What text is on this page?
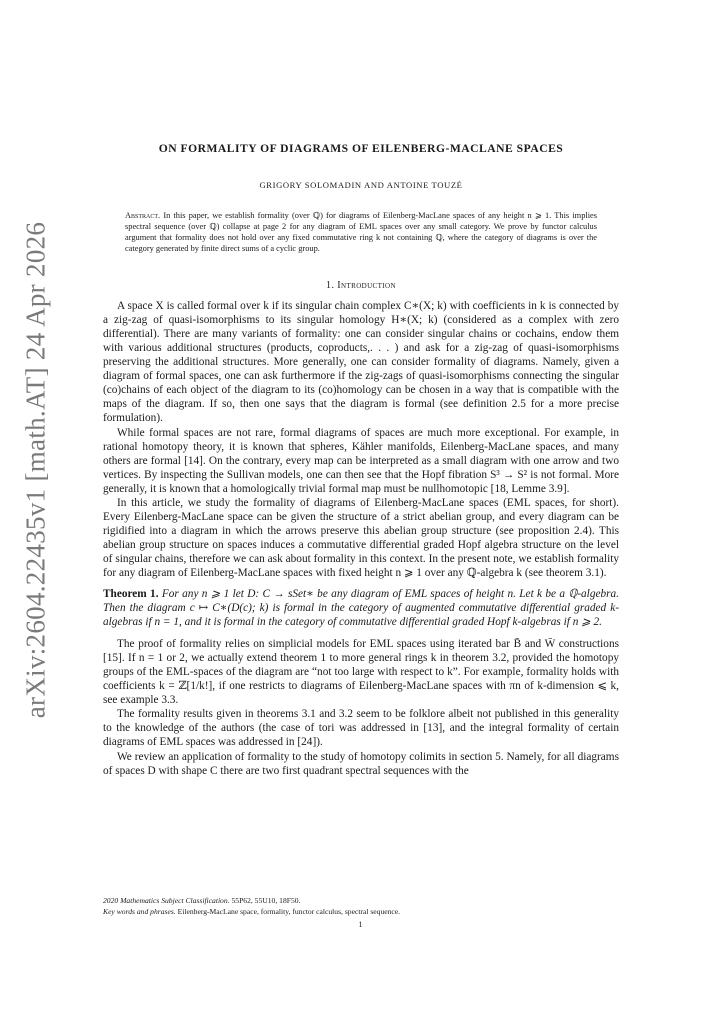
arXiv:2604.22435v1 [math.AT] 24 Apr 2026
ON FORMALITY OF DIAGRAMS OF EILENBERG-MACLANE SPACES
GRIGORY SOLOMADIN AND ANTOINE TOUZÉ
Abstract. In this paper, we establish formality (over ℚ) for diagrams of Eilenberg-MacLane spaces of any height n ⩾ 1. This implies spectral sequence (over ℚ) collapse at page 2 for any diagram of EML spaces over any small category. We prove by functor calculus argument that formality does not hold over any fixed commutative ring k not containing ℚ, where the category of diagrams is over the category generated by finite direct sums of a cyclic group.
1. Introduction

A space X is called formal over k if its singular chain complex C∗(X; k) with coefficients in k is connected by a zig-zag of quasi-isomorphisms to its singular homology H∗(X; k) (considered as a complex with zero differential). There are many variants of formality: one can consider singular chains or cochains, endow them with various additional structures (products, coproducts,. . . ) and ask for a zig-zag of quasi-isomorphisms preserving the additional structures. More generally, one can consider formality of diagrams. Namely, given a diagram of formal spaces, one can ask furthermore if the zig-zags of quasi-isomorphisms connecting the singular (co)chains of each object of the diagram to its (co)homology can be chosen in a way that is compatible with the maps of the diagram. If so, then one says that the diagram is formal (see definition 2.5 for a more precise formulation).

While formal spaces are not rare, formal diagrams of spaces are much more exceptional. For example, in rational homotopy theory, it is known that spheres, Kähler manifolds, Eilenberg-MacLane spaces, and many others are formal [14]. On the contrary, every map can be interpreted as a small diagram with one arrow and two vertices. By inspecting the Sullivan models, one can then see that the Hopf fibration S³ → S² is not formal. More generally, it is known that a homologically trivial formal map must be nullhomotopic [18, Lemme 3.9].

In this article, we study the formality of diagrams of Eilenberg-MacLane spaces (EML spaces, for short). Every Eilenberg-MacLane space can be given the structure of a strict abelian group, and every diagram can be rigidified into a diagram in which the arrows preserve this abelian group structure (see proposition 2.4). This abelian group structure on spaces induces a commutative differential graded Hopf algebra structure on the level of singular chains, therefore we can ask about formality in this context. In the present note, we establish formality for any diagram of Eilenberg-MacLane spaces with fixed height n ⩾ 1 over any ℚ-algebra k (see theorem 3.1).

Theorem 1. For any n ⩾ 1 let D: C → sSet∗ be any diagram of EML spaces of height n. Let k be a ℚ-algebra. Then the diagram c ↦ C∗(D(c); k) is formal in the category of augmented commutative differential graded k-algebras if n = 1, and it is formal in the category of commutative differential graded Hopf k-algebras if n ⩾ 2.

The proof of formality relies on simplicial models for EML spaces using iterated bar B̄ and W̄ constructions [15]. If n = 1 or 2, we actually extend theorem 1 to more general rings k in theorem 3.2, provided the homotopy groups of the EML-spaces of the diagram are “not too large with respect to k”. For example, formality holds with coefficients k = ℤ[1/k!], if one restricts to diagrams of Eilenberg-MacLane spaces with πn of k-dimension ⩽ k, see example 3.3.

The formality results given in theorems 3.1 and 3.2 seem to be folklore albeit not published in this generality to the knowledge of the authors (the case of tori was addressed in [13], and the integral formality of certain diagrams of EML spaces was addressed in [24]).

We review an application of formality to the study of homotopy colimits in section 5. Namely, for all diagrams of spaces D with shape C there are two first quadrant spectral sequences with the

2020 Mathematics Subject Classification. 55P62, 55U10, 18F50.
Key words and phrases. Eilenberg-MacLane space, formality, functor calculus, spectral sequence.
1
